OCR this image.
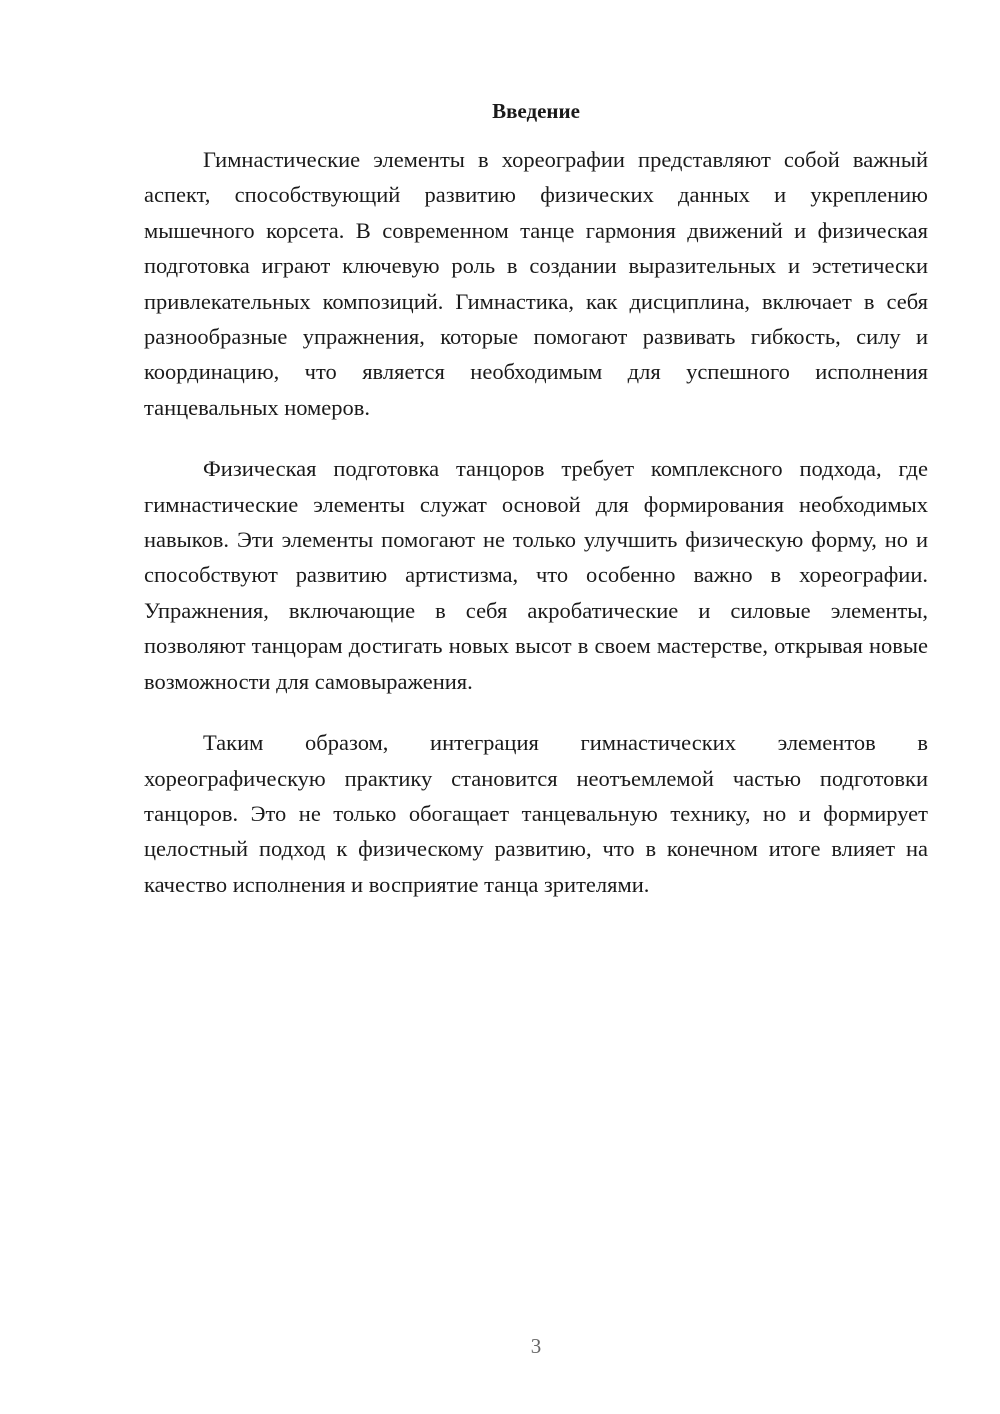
Введение

Гимнастические элементы в хореографии представляют собой важный аспект, способствующий развитию физических данных и укреплению мышечного корсета. В современном танце гармония движений и физическая подготовка играют ключевую роль в создании выразительных и эстетически привлекательных композиций. Гимнастика, как дисциплина, включает в себя разнообразные упражнения, которые помогают развивать гибкость, силу и координацию, что является необходимым для успешного исполнения танцевальных номеров.

Физическая подготовка танцоров требует комплексного подхода, где гимнастические элементы служат основой для формирования необходимых навыков. Эти элементы помогают не только улучшить физическую форму, но и способствуют развитию артистизма, что особенно важно в хореографии. Упражнения, включающие в себя акробатические и силовые элементы, позволяют танцорам достигать новых высот в своем мастерстве, открывая новые возможности для самовыражения.

Таким образом, интеграция гимнастических элементов в хореографическую практику становится неотъемлемой частью подготовки танцоров. Это не только обогащает танцевальную технику, но и формирует целостный подход к физическому развитию, что в конечном итоге влияет на качество исполнения и восприятие танца зрителями.

3
